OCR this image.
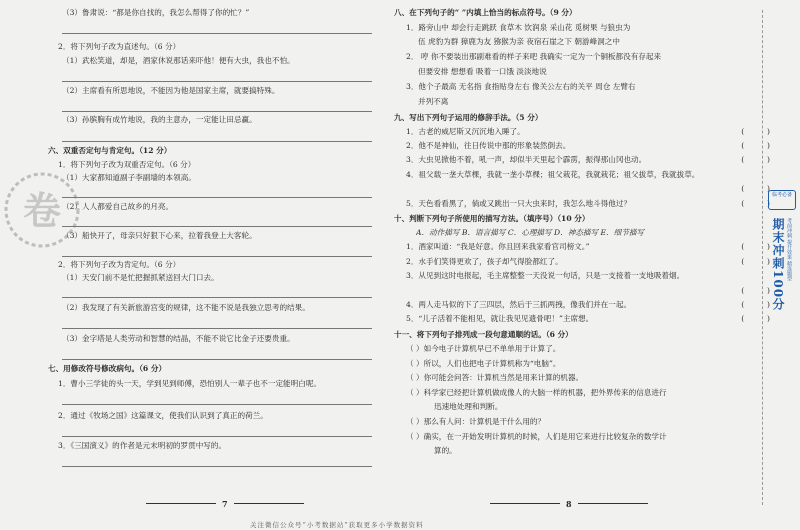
卷
（3）鲁肃说：“都是你自找的，我怎么帮得了你的忙？”
2．将下列句子改为直述句。（6 分）
（1）武松笑道，却是，酒家休说那话来吓他！便有大虫，我也不怕。
（2）主席看有所思地说，不能因为他是国家主席，就要搞特殊。
（3）孙膑胸有成竹地说，我的主意办，一定能让田忌赢。
六、双重否定句与肯定句。（12 分）
1．将下列句子改为双重否定句。（6 分）
（1）大家都知道副子李副墙的本领高。
（2）人人都爱自己故乡的月亮。
（3）船快开了，母亲只好狠下心来，拉着我登上大客轮。
2．将下列句子改为肯定句。（6 分）
（1）天安门前不是忙把握抓紧送回大门口去。
（2）我发现了有关新旅游宫变的规律，这不能不说是我独立思考的结果。
（3）金字塔是人类劳动和智慧的结晶，不能不说它比金子还要贵重。
七、用修改符号修改病句。（6 分）
1．曹小三学徒的头一天，学到见到师傅，恐怕别人一辈子也不一定能明白呢。
2．通过《牧场之国》这篇课文，使我们认识到了真正的荷兰。
3．《三国演义》的作者是元末明初的罗贯中写的。
7
八、在下列句子的“ ”内填上恰当的标点符号。（9 分）
1．路旁山中 却会行走跳跃 食草木 饮润泉 采山花 觅树果 与狼虫为
伍 虎豹为群 獐鹿为友 猕猴为亲 夜宿石崖之下 朝游峰洞之中
2． 哼 你不要装出那副难看的样子来吧 我确实一定为一个铜板都没有存起来
但要安排 想想看 吸着一口饿 淡淡地说
3．他个子最高 无名指 食指贴身左右 像关公左右的关平 周仓 左臂右
并列不离
九、写出下列句子运用的修辞手法。（5 分）
1．古老的威尼斯又沉沉地入睡了。	(　　　)
2．他不是神仙，往日传说中那的形象装然倒去。	(　　　)
3．大虫见掀他不着，吼一声，却似半天里起个霹雳，振得那山冈也动。	(　　　)
4．祖父载一垄大草棵，我就一垄小草棵；祖父栽花，我就栽花；祖父拔草，我就拔草。
(　　　)
5．天色看看黑了，倘或又跳出一只大虫来时，我怎么地斗得他过？	(　　　)
十、判断下列句子所使用的描写方法。（填序号）（10 分）
A．动作描写 B．语言描写 C．心理描写 D．神态描写 E．细节描写
1．酒家叫道：“我是好意。你且回来我家看官司榜文。”	(　　　)
2．水手们笑得更欢了，孩子却气得脸都红了。	(　　　)
3．从见到这时电报起，毛主席整整一天没说一句话，只是一支接着一支地吸着烟。
(　　　)
4．两人走马似的下了三四层，然后于三抓两拽，像我们并在一起。	(　　　)
5．“儿子活着不能相见，就让我见见遗骨吧！”主席想。	(　　　)
十一、将下列句子排列成一段句意通顺的话。（6 分）
（ ）如今电子计算机早已不单单用于计算了。
（ ）所以，人们也把电子计算机称为“电脑”。
（ ）你可能会问答：计算机当然是用来计算的机器。
（ ）科学家已经把计算机做成像人的大脑一样的机器，把外界传来的信息进行
迅速地处理和判断。
（ ）那么有人问：计算机是干什么用的？
（ ）确实，在一开始发明计算机的时候，人们是用它来进行比较复杂的数学计
算的。
8
临考必备
期末冲刺100分 考前冲刺 提升效果 精选题型
关注微信公众号“小考数据站”获取更多小学数据资料
